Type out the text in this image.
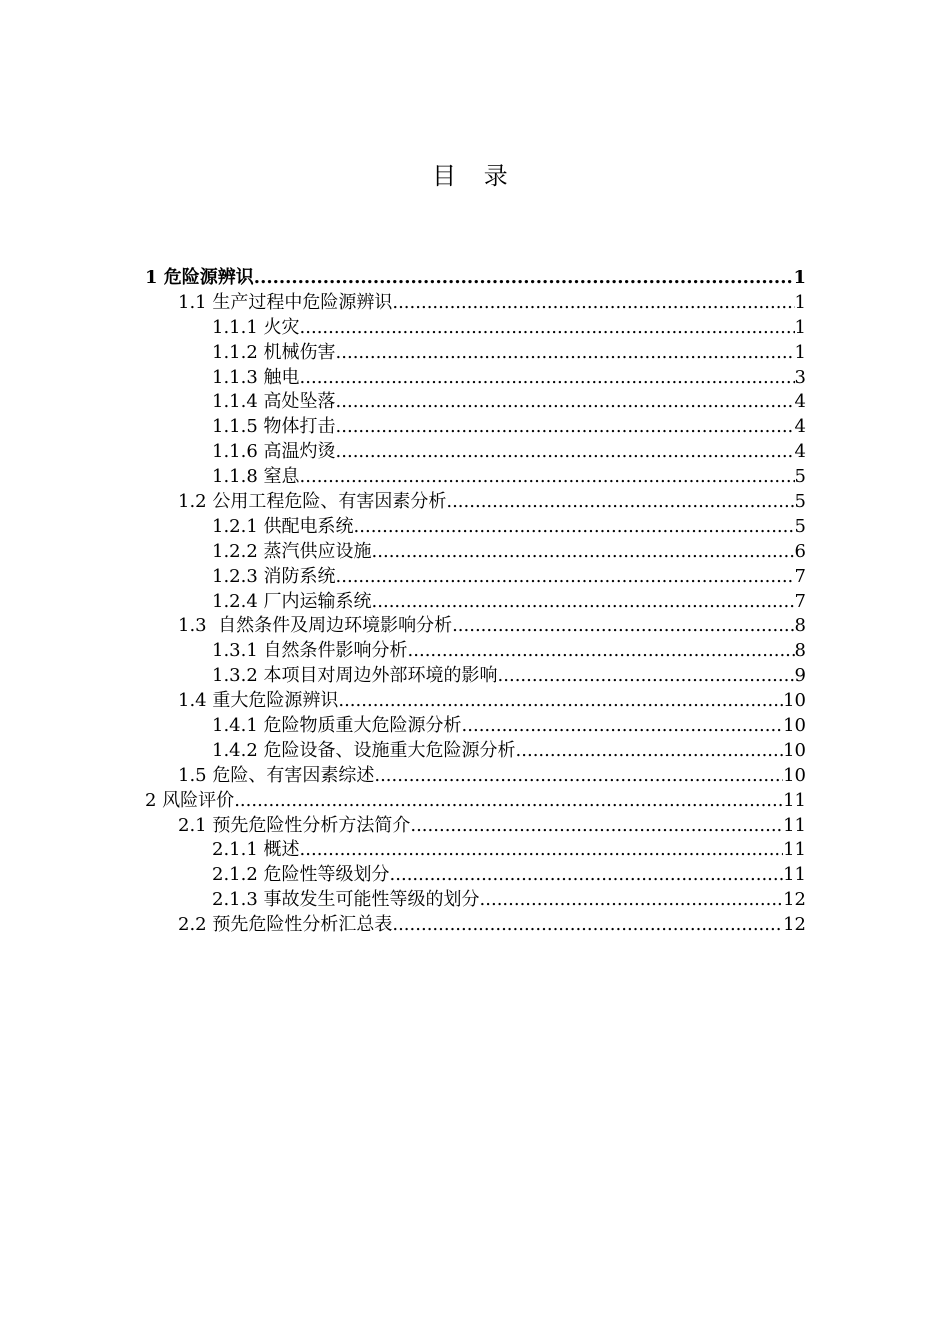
目 录
1 危险源辨识 .....	1
1.1 生产过程中危险源辨识 .....	1
1.1.1 火灾 .....	1
1.1.2 机械伤害 .....	1
1.1.3 触电 .....	3
1.1.4 高处坠落 .....	4
1.1.5 物体打击 .....	4
1.1.6 高温灼烫 .....	4
1.1.8 窒息 .....	5
1.2 公用工程危险、有害因素分析 .....	5
1.2.1 供配电系统 .....	5
1.2.2 蒸汽供应设施 .....	6
1.2.3 消防系统 .....	7
1.2.4 厂内运输系统 .....	7
1.3  自然条件及周边环境影响分析 .....	8
1.3.1 自然条件影响分析 .....	8
1.3.2 本项目对周边外部环境的影响 .....	9
1.4 重大危险源辨识 .....	10
1.4.1 危险物质重大危险源分析 .....	10
1.4.2 危险设备、设施重大危险源分析 .....	10
1.5 危险、有害因素综述 .....	10
2 风险评价 .....	11
2.1 预先危险性分析方法简介 .....	11
2.1.1 概述 .....	11
2.1.2 危险性等级划分 .....	11
2.1.3 事故发生可能性等级的划分 .....	12
2.2 预先危险性分析汇总表 .....	12
